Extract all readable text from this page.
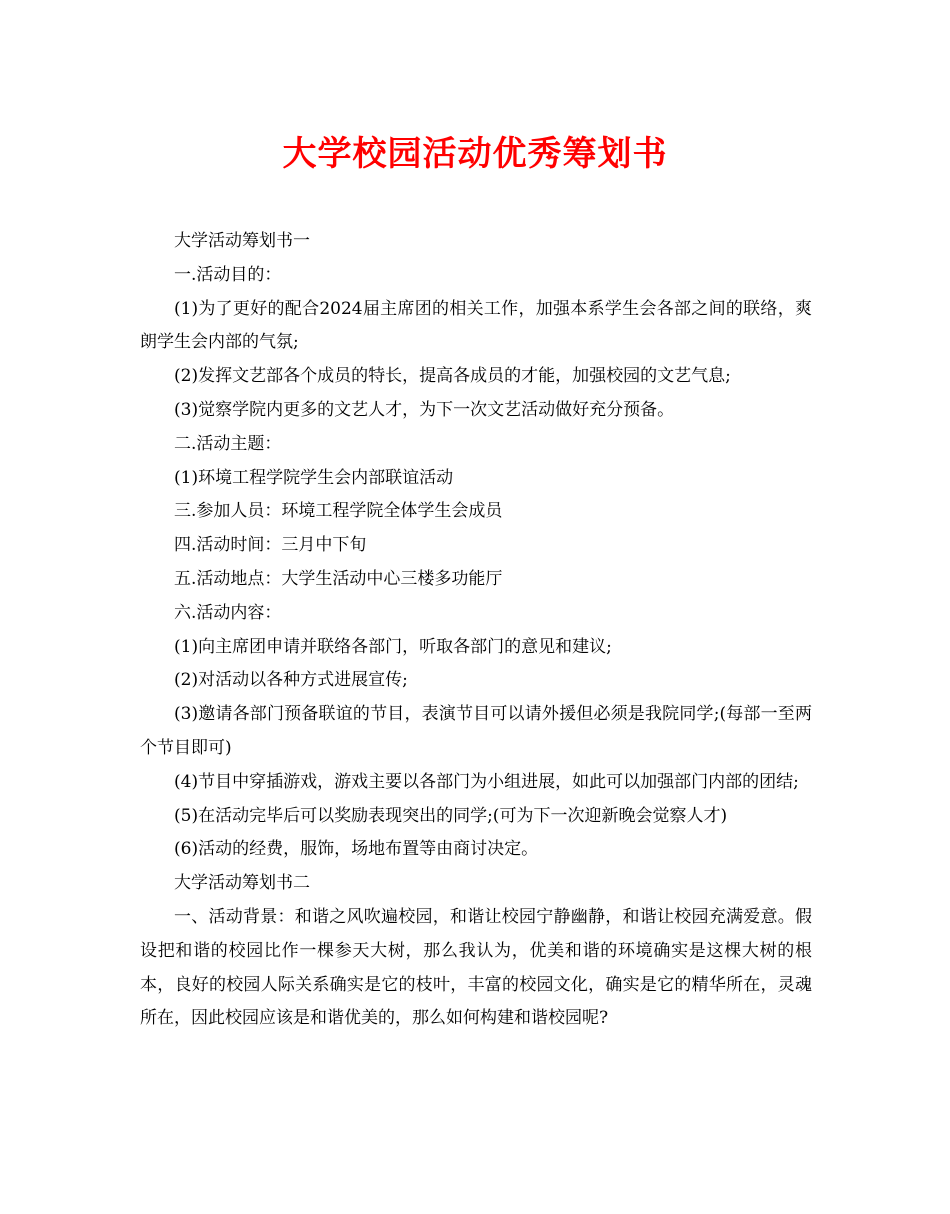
大学校园活动优秀筹划书

大学活动筹划书一

一.活动目的：

(1)为了更好的配合2024届主席团的相关工作，加强本系学生会各部之间的联络，爽朗学生会内部的气氛;

(2)发挥文艺部各个成员的特长，提高各成员的才能，加强校园的文艺气息;

(3)觉察学院内更多的文艺人才，为下一次文艺活动做好充分预备。

二.活动主题：

(1)环境工程学院学生会内部联谊活动

三.参加人员：环境工程学院全体学生会成员

四.活动时间：三月中下旬

五.活动地点：大学生活动中心三楼多功能厅

六.活动内容：

(1)向主席团申请并联络各部门，听取各部门的意见和建议;

(2)对活动以各种方式进展宣传;

(3)邀请各部门预备联谊的节目，表演节目可以请外援但必须是我院同学;(每部一至两个节目即可)

(4)节目中穿插游戏，游戏主要以各部门为小组进展，如此可以加强部门内部的团结;

(5)在活动完毕后可以奖励表现突出的同学;(可为下一次迎新晚会觉察人才)

(6)活动的经费，服饰，场地布置等由商讨决定。

大学活动筹划书二

一、活动背景：和谐之风吹遍校园，和谐让校园宁静幽静，和谐让校园充满爱意。假设把和谐的校园比作一棵参天大树，那么我认为，优美和谐的环境确实是这棵大树的根本，良好的校园人际关系确实是它的枝叶，丰富的校园文化，确实是它的精华所在，灵魂所在，因此校园应该是和谐优美的，那么如何构建和谐校园呢?
